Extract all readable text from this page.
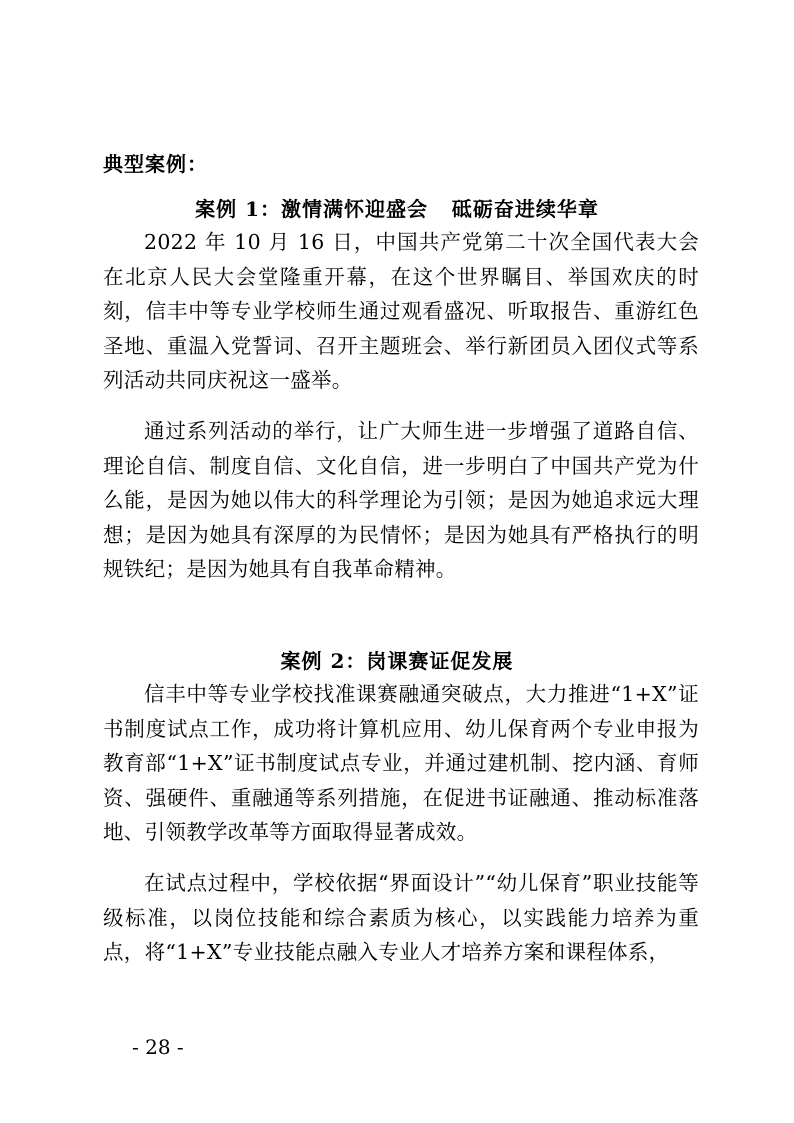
典型案例：
案例 1：激情满怀迎盛会   砥砺奋进续华章

2022 年 10 月 16 日，中国共产党第二十次全国代表大会在北京人民大会堂隆重开幕，在这个世界瞩目、举国欢庆的时刻，信丰中等专业学校师生通过观看盛况、听取报告、重游红色圣地、重温入党誓词、召开主题班会、举行新团员入团仪式等系列活动共同庆祝这一盛举。

通过系列活动的举行，让广大师生进一步增强了道路自信、理论自信、制度自信、文化自信，进一步明白了中国共产党为什么能，是因为她以伟大的科学理论为引领；是因为她追求远大理想；是因为她具有深厚的为民情怀；是因为她具有严格执行的明规铁纪；是因为她具有自我革命精神。

案例 2：岗课赛证促发展

信丰中等专业学校找准课赛融通突破点，大力推进“1+X”证书制度试点工作，成功将计算机应用、幼儿保育两个专业申报为教育部“1+X”证书制度试点专业，并通过建机制、挖内涵、育师资、强硬件、重融通等系列措施，在促进书证融通、推动标准落地、引领教学改革等方面取得显著成效。

在试点过程中，学校依据“界面设计”“幼儿保育”职业技能等级标准，以岗位技能和综合素质为核心，以实践能力培养为重点，将“1+X”专业技能点融入专业人才培养方案和课程体系，

- 28 -
